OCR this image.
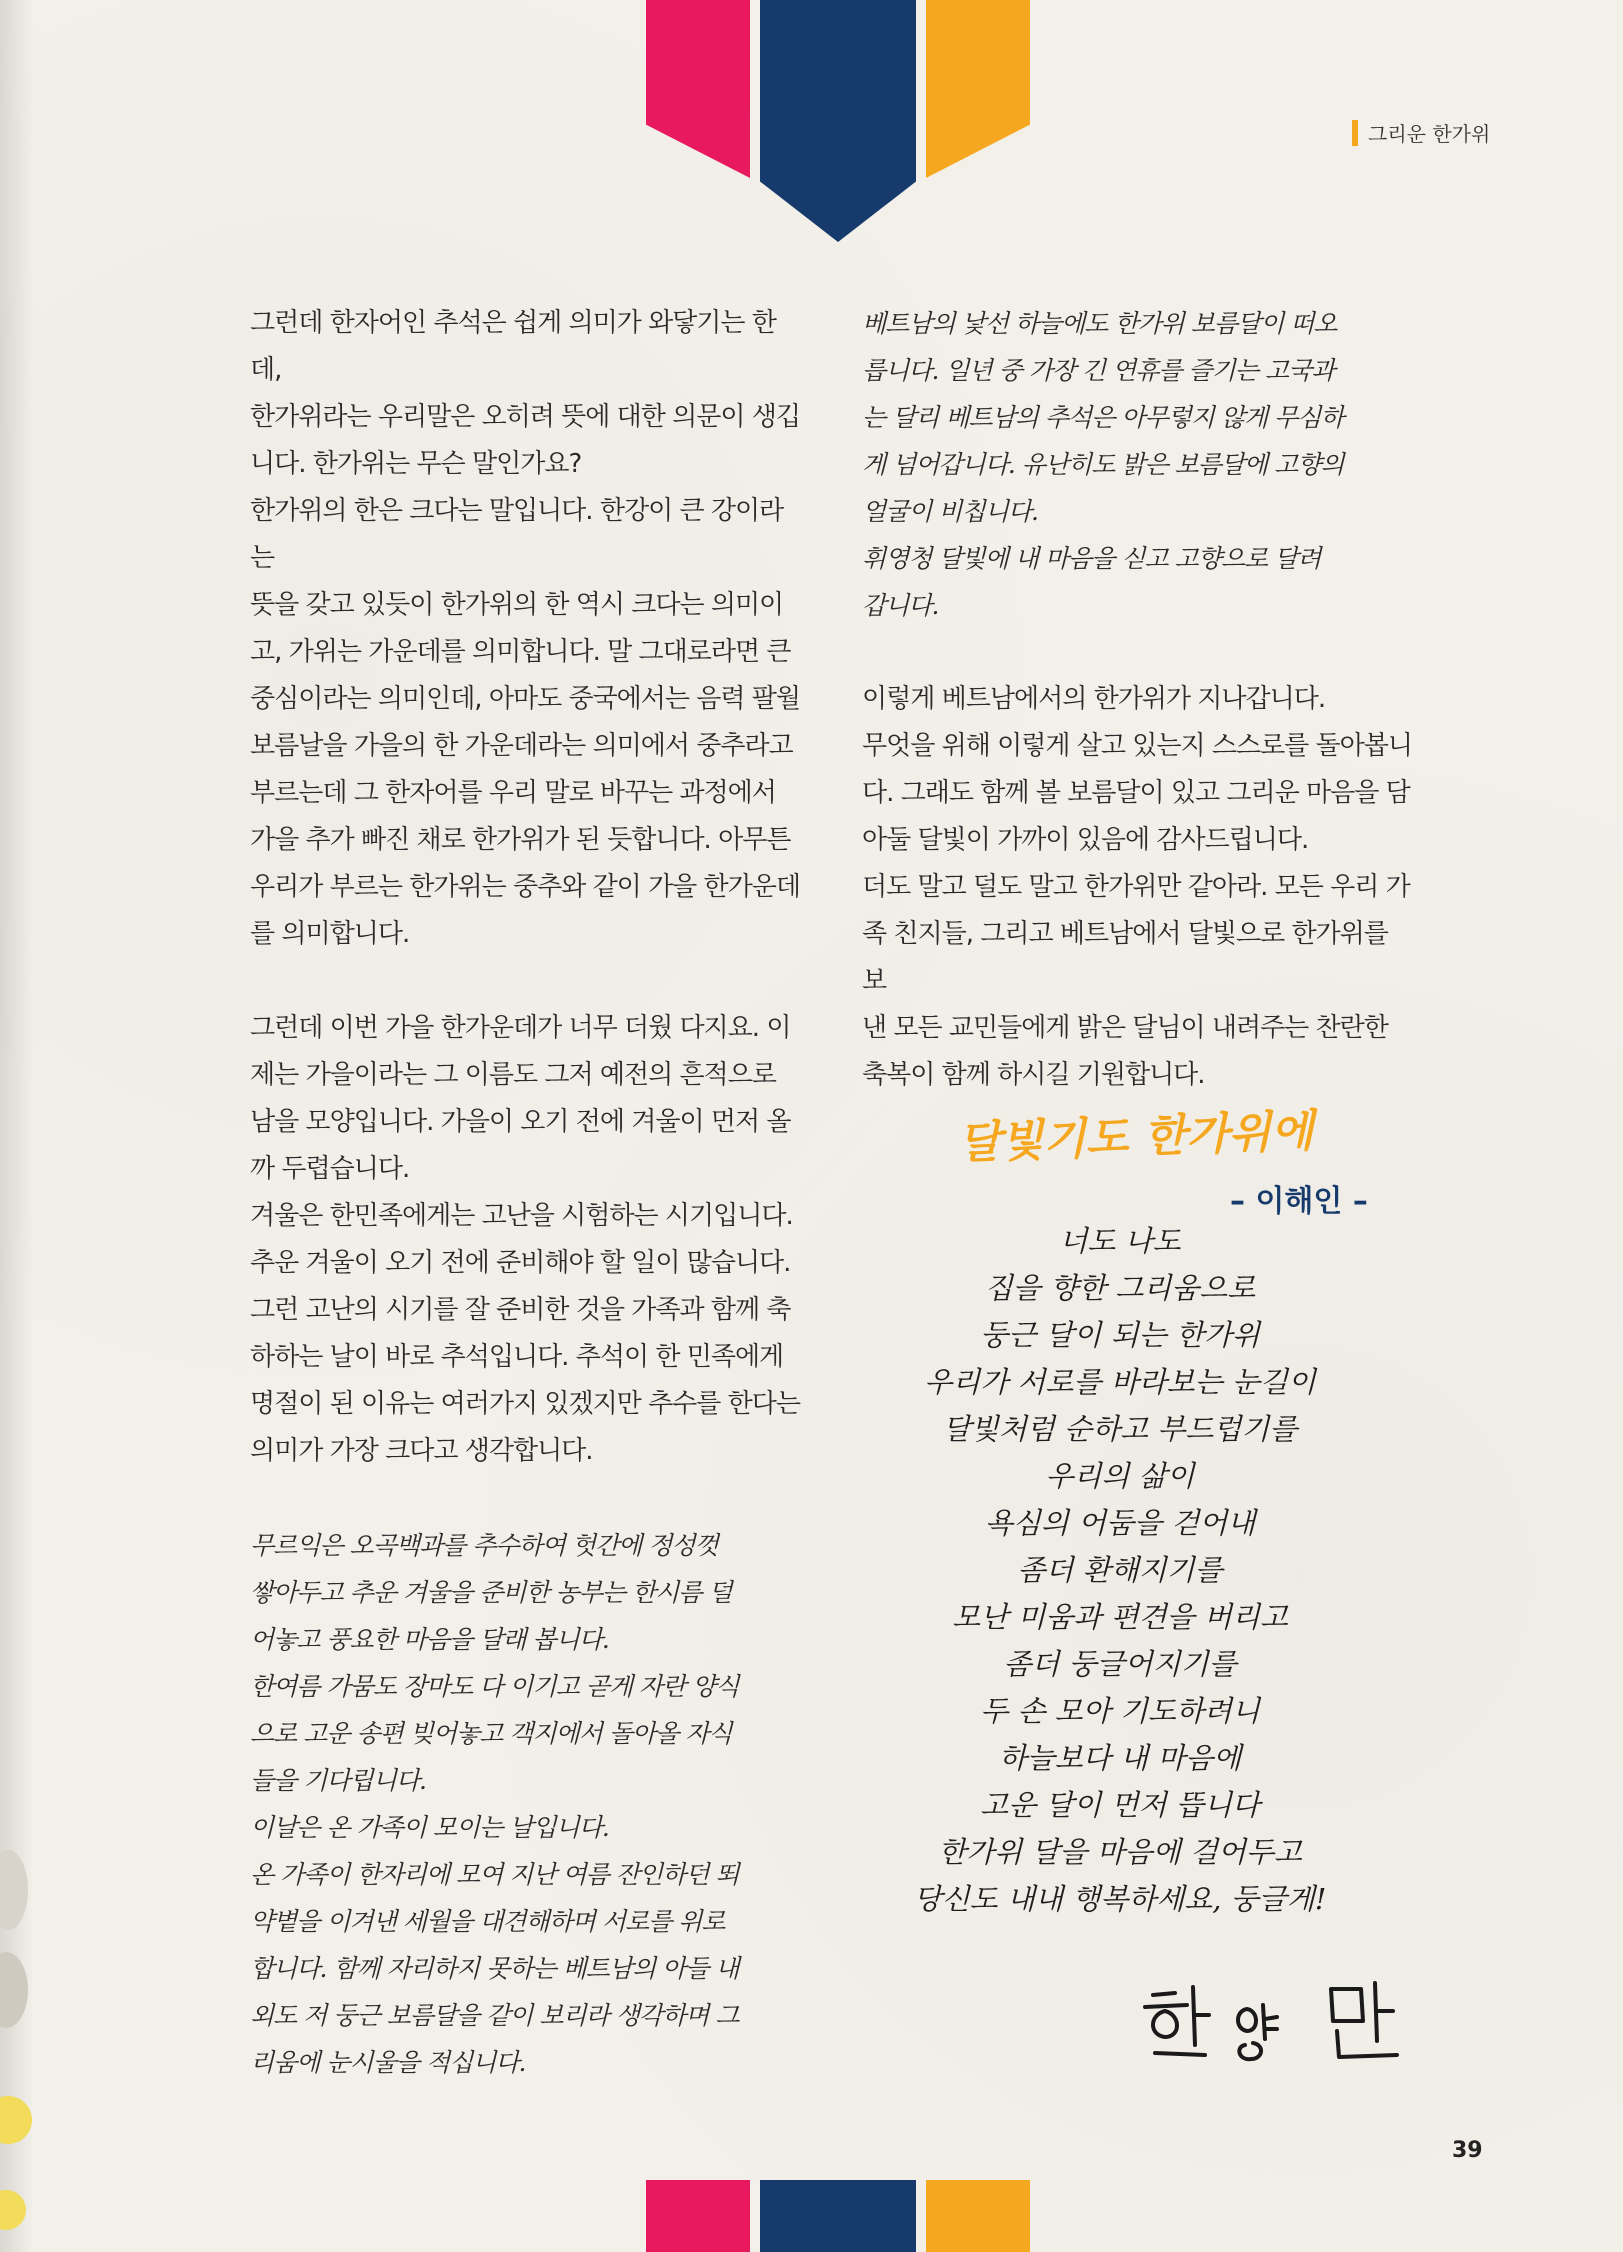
그리운 한가위

그런데 한자어인 추석은 쉽게 의미가 와닿기는 한데,
한가위라는 우리말은 오히려 뜻에 대한 의문이 생깁
니다. 한가위는 무슨 말인가요?
한가위의 한은 크다는 말입니다. 한강이 큰 강이라는
뜻을 갖고 있듯이 한가위의 한 역시 크다는 의미이
고, 가위는 가운데를 의미합니다. 말 그대로라면 큰
중심이라는 의미인데, 아마도 중국에서는 음력 팔월
보름날을 가을의 한 가운데라는 의미에서 중추라고
부르는데 그 한자어를 우리 말로 바꾸는 과정에서
가을 추가 빠진 채로 한가위가 된 듯합니다. 아무튼
우리가 부르는 한가위는 중추와 같이 가을 한가운데
를 의미합니다.

그런데 이번 가을 한가운데가 너무 더웠 다지요. 이
제는 가을이라는 그 이름도 그저 예전의 흔적으로
남을 모양입니다. 가을이 오기 전에 겨울이 먼저 올
까 두렵습니다.
겨울은 한민족에게는 고난을 시험하는 시기입니다.
추운 겨울이 오기 전에 준비해야 할 일이 많습니다.
그런 고난의 시기를 잘 준비한 것을 가족과 함께 축
하하는 날이 바로 추석입니다. 추석이 한 민족에게
명절이 된 이유는 여러가지 있겠지만 추수를 한다는
의미가 가장 크다고 생각합니다.

무르익은 오곡백과를 추수하여 헛간에 정성껏
쌓아두고 추운 겨울을 준비한 농부는 한시름 덜
어놓고 풍요한 마음을 달래 봅니다.
한여름 가뭄도 장마도 다 이기고 곧게 자란 양식
으로 고운 송편 빚어놓고 객지에서 돌아올 자식
들을 기다립니다.
이날은 온 가족이 모이는 날입니다.
온 가족이 한자리에 모여 지난 여름 잔인하던 뙤
약볕을 이겨낸 세월을 대견해하며 서로를 위로
합니다. 함께 자리하지 못하는 베트남의 아들 내
외도 저 둥근 보름달을 같이 보리라 생각하며 그
리움에 눈시울을 적십니다.

베트남의 낯선 하늘에도 한가위 보름달이 떠오
릅니다. 일년 중 가장 긴 연휴를 즐기는 고국과
는 달리 베트남의 추석은 아무렇지 않게 무심하
게 넘어갑니다. 유난히도 밝은 보름달에 고향의
얼굴이 비칩니다.
휘영청 달빛에 내 마음을 싣고 고향으로 달려
갑니다.

이렇게 베트남에서의 한가위가 지나갑니다.
무엇을 위해 이렇게 살고 있는지 스스로를 돌아봅니
다. 그래도 함께 볼 보름달이 있고 그리운 마음을 담
아둘 달빛이 가까이 있음에 감사드립니다.
더도 말고 덜도 말고 한가위만 같아라. 모든 우리 가
족 친지들, 그리고 베트남에서 달빛으로 한가위를 보
낸 모든 교민들에게 밝은 달님이 내려주는 찬란한
축복이 함께 하시길 기원합니다.

달빛기도 한가위에
– 이해인 –
너도 나도
집을 향한 그리움으로
둥근 달이 되는 한가위
우리가 서로를 바라보는 눈길이
달빛처럼 순하고 부드럽기를
우리의 삶이
욕심의 어둠을 걷어내
좀더 환해지기를
모난 미움과 편견을 버리고
좀더 둥글어지기를
두 손 모아 기도하려니
하늘보다 내 마음에
고운 달이 먼저 뜹니다
한가위 달을 마음에 걸어두고
당신도 내내 행복하세요, 둥글게!
39
